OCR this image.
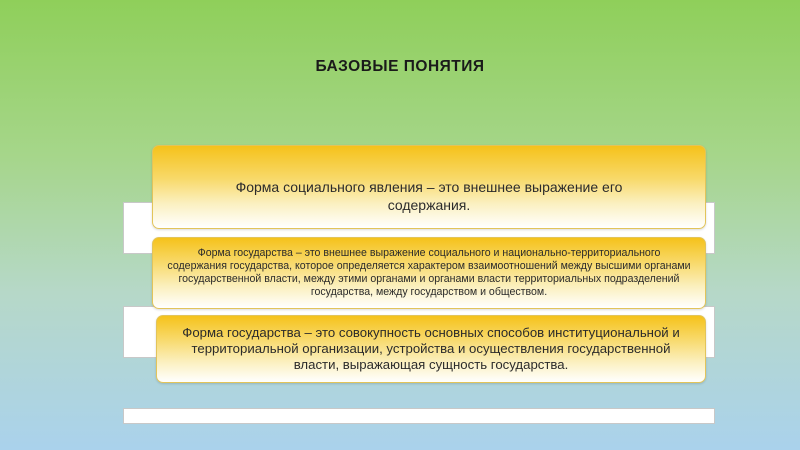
БАЗОВЫЕ ПОНЯТИЯ
Форма социального явления – это внешнее выражение его содержания.
Форма государства – это внешнее выражение социального и национально-территориального содержания государства, которое определяется характером взаимоотношений между высшими органами государственной власти, между этими органами и органами власти территориальных подразделений государства, между государством и обществом.
Форма государства – это совокупность основных способов институциональной и территориальной организации, устройства и осуществления государственной власти, выражающая сущность государства.
